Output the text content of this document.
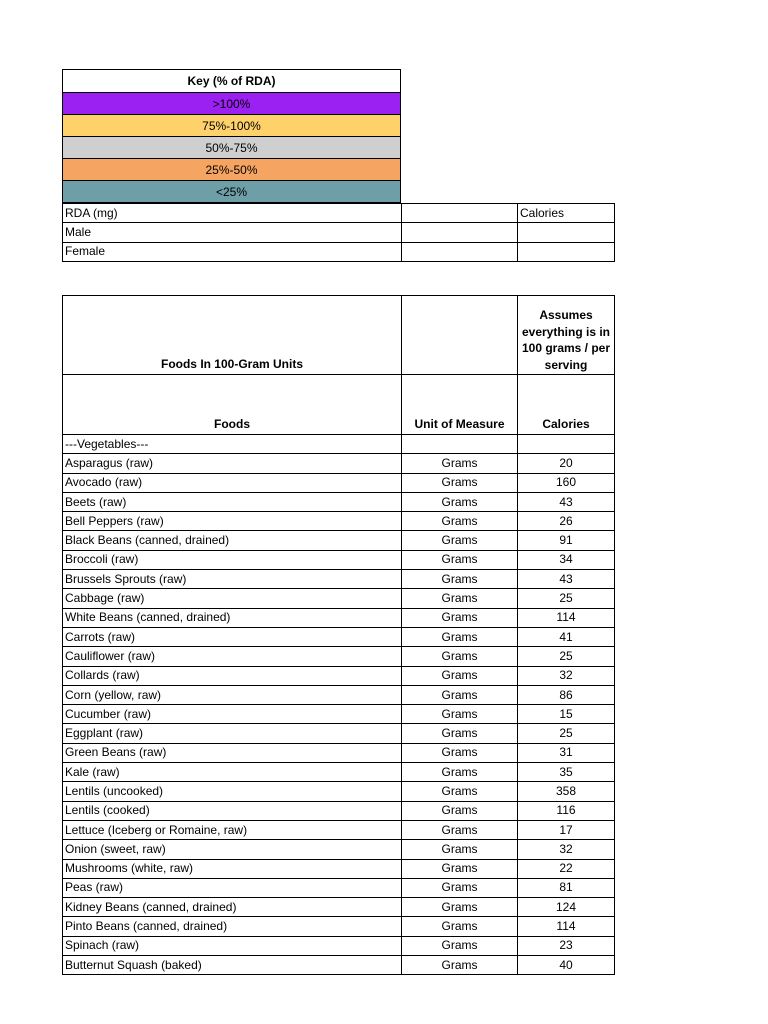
Key (% of RDA)
>100%
75%-100%
50%-75%
25%-50%
<25%
RDA (mg)		Calories
Male		
Female		
Foods In 100-Gram Units		Assumes everything is in 100 grams / per serving
Foods	Unit of Measure	Calories
---Vegetables---		
Asparagus (raw)	Grams	20
Avocado (raw)	Grams	160
Beets (raw)	Grams	43
Bell Peppers (raw)	Grams	26
Black Beans (canned, drained)	Grams	91
Broccoli (raw)	Grams	34
Brussels Sprouts (raw)	Grams	43
Cabbage (raw)	Grams	25
White Beans (canned, drained)	Grams	114
Carrots (raw)	Grams	41
Cauliflower (raw)	Grams	25
Collards (raw)	Grams	32
Corn (yellow, raw)	Grams	86
Cucumber (raw)	Grams	15
Eggplant (raw)	Grams	25
Green Beans (raw)	Grams	31
Kale (raw)	Grams	35
Lentils (uncooked)	Grams	358
Lentils (cooked)	Grams	116
Lettuce (Iceberg or Romaine, raw)	Grams	17
Onion (sweet, raw)	Grams	32
Mushrooms (white, raw)	Grams	22
Peas (raw)	Grams	81
Kidney Beans (canned, drained)	Grams	124
Pinto Beans (canned, drained)	Grams	114
Spinach (raw)	Grams	23
Butternut Squash (baked)	Grams	40
